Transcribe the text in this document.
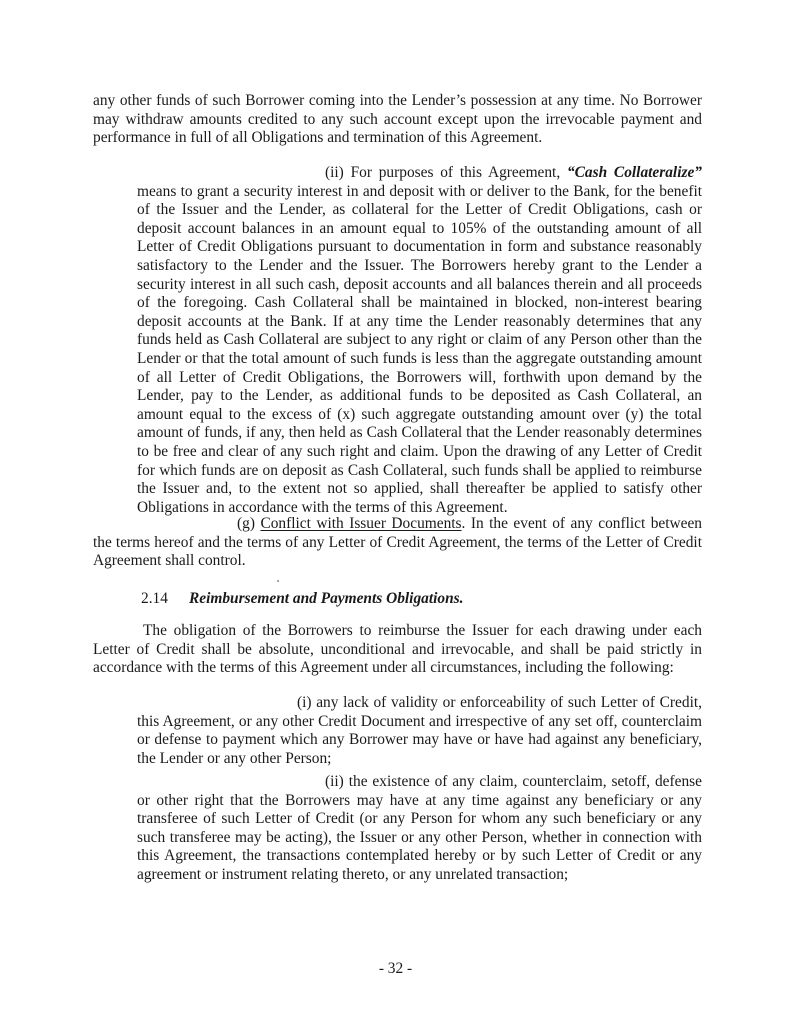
any other funds of such Borrower coming into the Lender’s possession at any time. No Borrower may withdraw amounts credited to any such account except upon the irrevocable payment and performance in full of all Obligations and termination of this Agreement.

(ii) For purposes of this Agreement, “Cash Collateralize” means to grant a security interest in and deposit with or deliver to the Bank, for the benefit of the Issuer and the Lender, as collateral for the Letter of Credit Obligations, cash or deposit account balances in an amount equal to 105% of the outstanding amount of all Letter of Credit Obligations pursuant to documentation in form and substance reasonably satisfactory to the Lender and the Issuer. The Borrowers hereby grant to the Lender a security interest in all such cash, deposit accounts and all balances therein and all proceeds of the foregoing. Cash Collateral shall be maintained in blocked, non-interest bearing deposit accounts at the Bank. If at any time the Lender reasonably determines that any funds held as Cash Collateral are subject to any right or claim of any Person other than the Lender or that the total amount of such funds is less than the aggregate outstanding amount of all Letter of Credit Obligations, the Borrowers will, forthwith upon demand by the Lender, pay to the Lender, as additional funds to be deposited as Cash Collateral, an amount equal to the excess of (x) such aggregate outstanding amount over (y) the total amount of funds, if any, then held as Cash Collateral that the Lender reasonably determines to be free and clear of any such right and claim. Upon the drawing of any Letter of Credit for which funds are on deposit as Cash Collateral, such funds shall be applied to reimburse the Issuer and, to the extent not so applied, shall thereafter be applied to satisfy other Obligations in accordance with the terms of this Agreement.

(g) Conflict with Issuer Documents. In the event of any conflict between the terms hereof and the terms of any Letter of Credit Agreement, the terms of the Letter of Credit Agreement shall control.

2.14 Reimbursement and Payments Obligations.

The obligation of the Borrowers to reimburse the Issuer for each drawing under each Letter of Credit shall be absolute, unconditional and irrevocable, and shall be paid strictly in accordance with the terms of this Agreement under all circumstances, including the following:

(i) any lack of validity or enforceability of such Letter of Credit, this Agreement, or any other Credit Document and irrespective of any set off, counterclaim or defense to payment which any Borrower may have or have had against any beneficiary, the Lender or any other Person;

(ii) the existence of any claim, counterclaim, setoff, defense or other right that the Borrowers may have at any time against any beneficiary or any transferee of such Letter of Credit (or any Person for whom any such beneficiary or any such transferee may be acting), the Issuer or any other Person, whether in connection with this Agreement, the transactions contemplated hereby or by such Letter of Credit or any agreement or instrument relating thereto, or any unrelated transaction;

- 32 -
